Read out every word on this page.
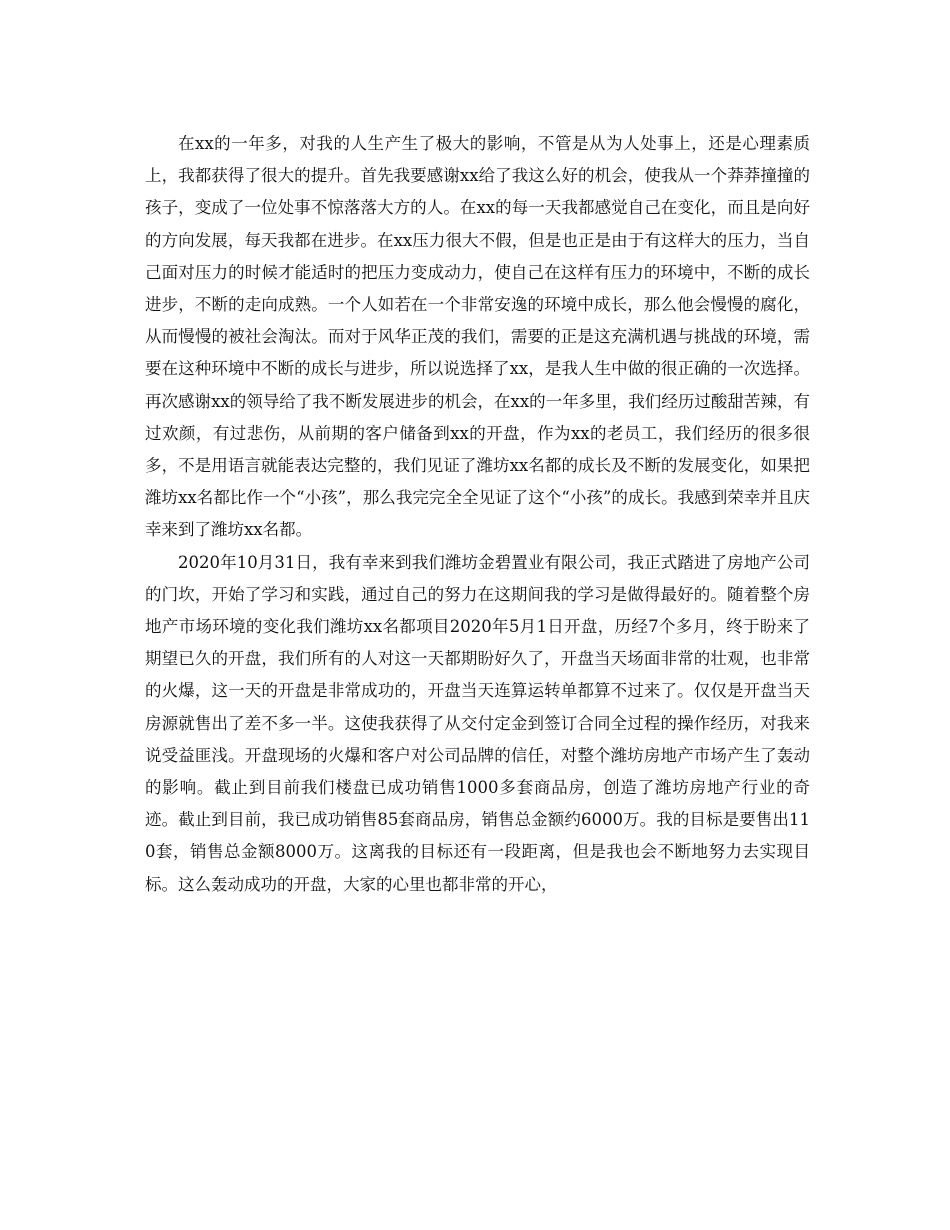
在xx的一年多，对我的人生产生了极大的影响，不管是从为人处事上，还是心理素质上，我都获得了很大的提升。首先我要感谢xx给了我这么好的机会，使我从一个莽莽撞撞的孩子，变成了一位处事不惊落落大方的人。在xx的每一天我都感觉自己在变化，而且是向好的方向发展，每天我都在进步。在xx压力很大不假，但是也正是由于有这样大的压力，当自己面对压力的时候才能适时的把压力变成动力，使自己在这样有压力的环境中，不断的成长进步，不断的走向成熟。一个人如若在一个非常安逸的环境中成长，那么他会慢慢的腐化，从而慢慢的被社会淘汰。而对于风华正茂的我们，需要的正是这充满机遇与挑战的环境，需要在这种环境中不断的成长与进步，所以说选择了xx，是我人生中做的很正确的一次选择。再次感谢xx的领导给了我不断发展进步的机会，在xx的一年多里，我们经历过酸甜苦辣，有过欢颜，有过悲伤，从前期的客户储备到xx的开盘，作为xx的老员工，我们经历的很多很多，不是用语言就能表达完整的，我们见证了潍坊xx名都的成长及不断的发展变化，如果把潍坊xx名都比作一个“小孩”，那么我完完全全见证了这个“小孩”的成长。我感到荣幸并且庆幸来到了潍坊xx名都。

2020年10月31日，我有幸来到我们潍坊金碧置业有限公司，我正式踏进了房地产公司的门坎，开始了学习和实践，通过自己的努力在这期间我的学习是做得最好的。随着整个房地产市场环境的变化我们潍坊xx名都项目2020年5月1日开盘，历经7个多月，终于盼来了期望已久的开盘，我们所有的人对这一天都期盼好久了，开盘当天场面非常的壮观，也非常的火爆，这一天的开盘是非常成功的，开盘当天连算运转单都算不过来了。仅仅是开盘当天房源就售出了差不多一半。这使我获得了从交付定金到签订合同全过程的操作经历，对我来说受益匪浅。开盘现场的火爆和客户对公司品牌的信任，对整个潍坊房地产市场产生了轰动的影响。截止到目前我们楼盘已成功销售1000多套商品房，创造了潍坊房地产行业的奇迹。截止到目前，我已成功销售85套商品房，销售总金额约6000万。我的目标是要售出110套，销售总金额8000万。这离我的目标还有一段距离，但是我也会不断地努力去实现目标。这么轰动成功的开盘，大家的心里也都非常的开心，
